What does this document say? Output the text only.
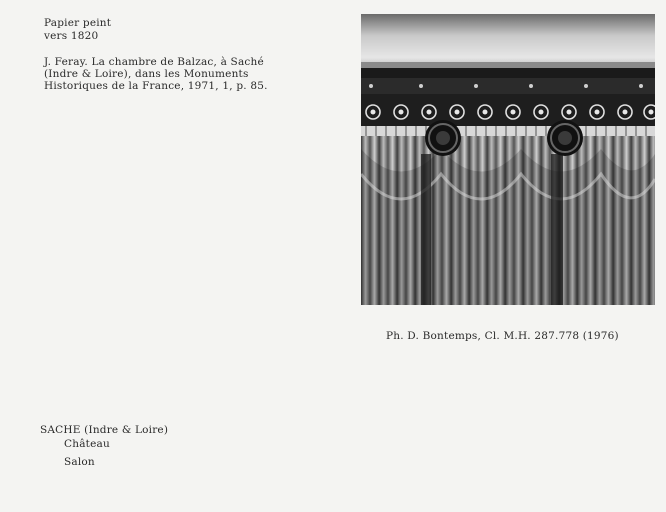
Papier peint
vers 1820
J. Feray. La chambre de Balzac, à Saché
(Indre & Loire), dans les Monuments
Historiques de la France, 1971, 1, p. 85.
Ph. D. Bontemps, Cl. M.H. 287.778 (1976)
SACHE (Indre & Loire)
Château
Salon
